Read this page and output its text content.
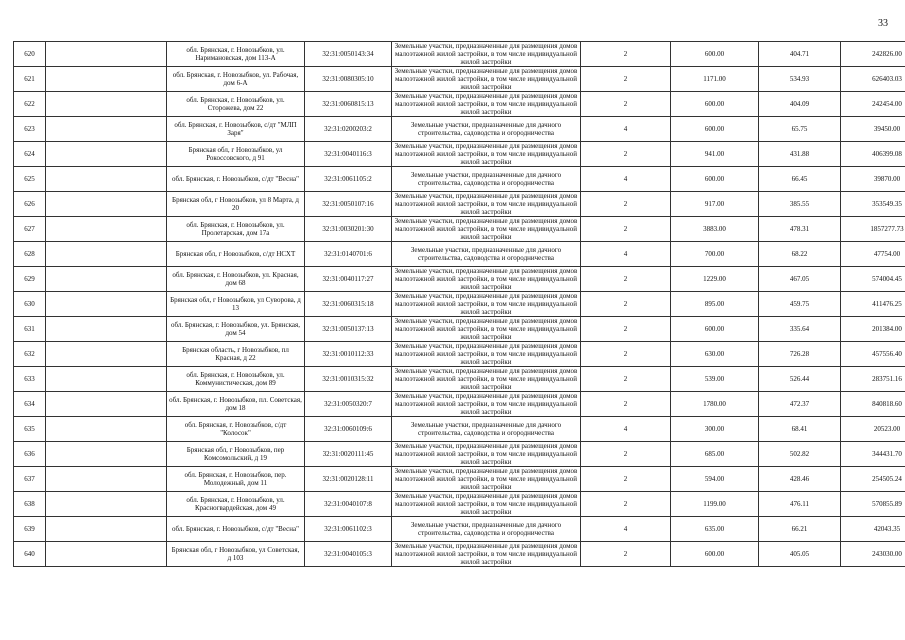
33
620		обл. Брянская, г. Новозыбков, ул. Наримановская, дом 113-А	32:31:0050143:34	Земельные участки, предназначенные для размещения домов малоэтажной жилой застройки, в том числе индивидуальной жилой застройки	2	600.00	404.71	242826.00
621		обл. Брянская, г. Новозыбков, ул. Рабочая, дом 6-А	32:31:0080305:10	Земельные участки, предназначенные для размещения домов малоэтажной жилой застройки, в том числе индивидуальной жилой застройки	2	1171.00	534.93	626403.03
622		обл. Брянская, г. Новозыбков, ул. Сторожева, дом 22	32:31:0060815:13	Земельные участки, предназначенные для размещения домов малоэтажной жилой застройки, в том числе индивидуальной жилой застройки	2	600.00	404.09	242454.00
623		обл. Брянская, г. Новозыбков, с/дт "МЛП Заря"	32:31:0200203:2	Земельные участки, предназначенные для дачного строительства, садоводства и огородничества	4	600.00	65.75	39450.00
624		Брянская обл, г Новозыбков, ул Рокоссовского, д 91	32:31:0040116:3	Земельные участки, предназначенные для размещения домов малоэтажной жилой застройки, в том числе индивидуальной жилой застройки	2	941.00	431.88	406399.08
625		обл. Брянская, г. Новозыбков, с/дт "Весна"	32:31:0061105:2	Земельные участки, предназначенные для дачного строительства, садоводства и огородничества	4	600.00	66.45	39870.00
626		Брянская обл, г Новозыбков, ул 8 Марта, д 20	32:31:0050107:16	Земельные участки, предназначенные для размещения домов малоэтажной жилой застройки, в том числе индивидуальной жилой застройки	2	917.00	385.55	353549.35
627		обл. Брянская, г. Новозыбков, ул. Пролетарская, дом 17а	32:31:0030201:30	Земельные участки, предназначенные для размещения домов малоэтажной жилой застройки, в том числе индивидуальной жилой застройки	2	3883.00	478.31	1857277.73
628		Брянская обл, г Новозыбков, с/дт НСХТ	32:31:0140701:6	Земельные участки, предназначенные для дачного строительства, садоводства и огородничества	4	700.00	68.22	47754.00
629		обл. Брянская, г. Новозыбков, ул. Красная, дом 68	32:31:0040117:27	Земельные участки, предназначенные для размещения домов малоэтажной жилой застройки, в том числе индивидуальной жилой застройки	2	1229.00	467.05	574004.45
630		Брянская обл, г Новозыбков, ул Суворова, д 13	32:31:0060315:18	Земельные участки, предназначенные для размещения домов малоэтажной жилой застройки, в том числе индивидуальной жилой застройки	2	895.00	459.75	411476.25
631		обл. Брянская, г. Новозыбков, ул. Брянская, дом 54	32:31:0050137:13	Земельные участки, предназначенные для размещения домов малоэтажной жилой застройки, в том числе индивидуальной жилой застройки	2	600.00	335.64	201384.00
632		Брянская область, г Новозыбков, пл Красная, д 22	32:31:0010112:33	Земельные участки, предназначенные для размещения домов малоэтажной жилой застройки, в том числе индивидуальной жилой застройки	2	630.00	726.28	457556.40
633		обл. Брянская, г. Новозыбков, ул. Коммунистическая, дом 89	32:31:0010315:32	Земельные участки, предназначенные для размещения домов малоэтажной жилой застройки, в том числе индивидуальной жилой застройки	2	539.00	526.44	283751.16
634		обл. Брянская, г. Новозыбков, пл. Советская, дом 18	32:31:0050320:7	Земельные участки, предназначенные для размещения домов малоэтажной жилой застройки, в том числе индивидуальной жилой застройки	2	1780.00	472.37	840818.60
635		обл. Брянская, г. Новозыбков, с/дт "Колосок"	32:31:0060109:6	Земельные участки, предназначенные для дачного строительства, садоводства и огородничества	4	300.00	68.41	20523.00
636		Брянская обл, г Новозыбков, пер Комсомольский, д 19	32:31:0020111:45	Земельные участки, предназначенные для размещения домов малоэтажной жилой застройки, в том числе индивидуальной жилой застройки	2	685.00	502.82	344431.70
637		обл. Брянская, г. Новозыбков, пер. Молодежный, дом 11	32:31:0020128:11	Земельные участки, предназначенные для размещения домов малоэтажной жилой застройки, в том числе индивидуальной жилой застройки	2	594.00	428.46	254505.24
638		обл. Брянская, г. Новозыбков, ул. Красногвардейская, дом 49	32:31:0040107:8	Земельные участки, предназначенные для размещения домов малоэтажной жилой застройки, в том числе индивидуальной жилой застройки	2	1199.00	476.11	570855.89
639		обл. Брянская, г. Новозыбков, с/дт "Весна"	32:31:0061102:3	Земельные участки, предназначенные для дачного строительства, садоводства и огородничества	4	635.00	66.21	42043.35
640		Брянская обл, г Новозыбков, ул Советская, д 103	32:31:0040105:3	Земельные участки, предназначенные для размещения домов малоэтажной жилой застройки, в том числе индивидуальной жилой застройки	2	600.00	405.05	243030.00
